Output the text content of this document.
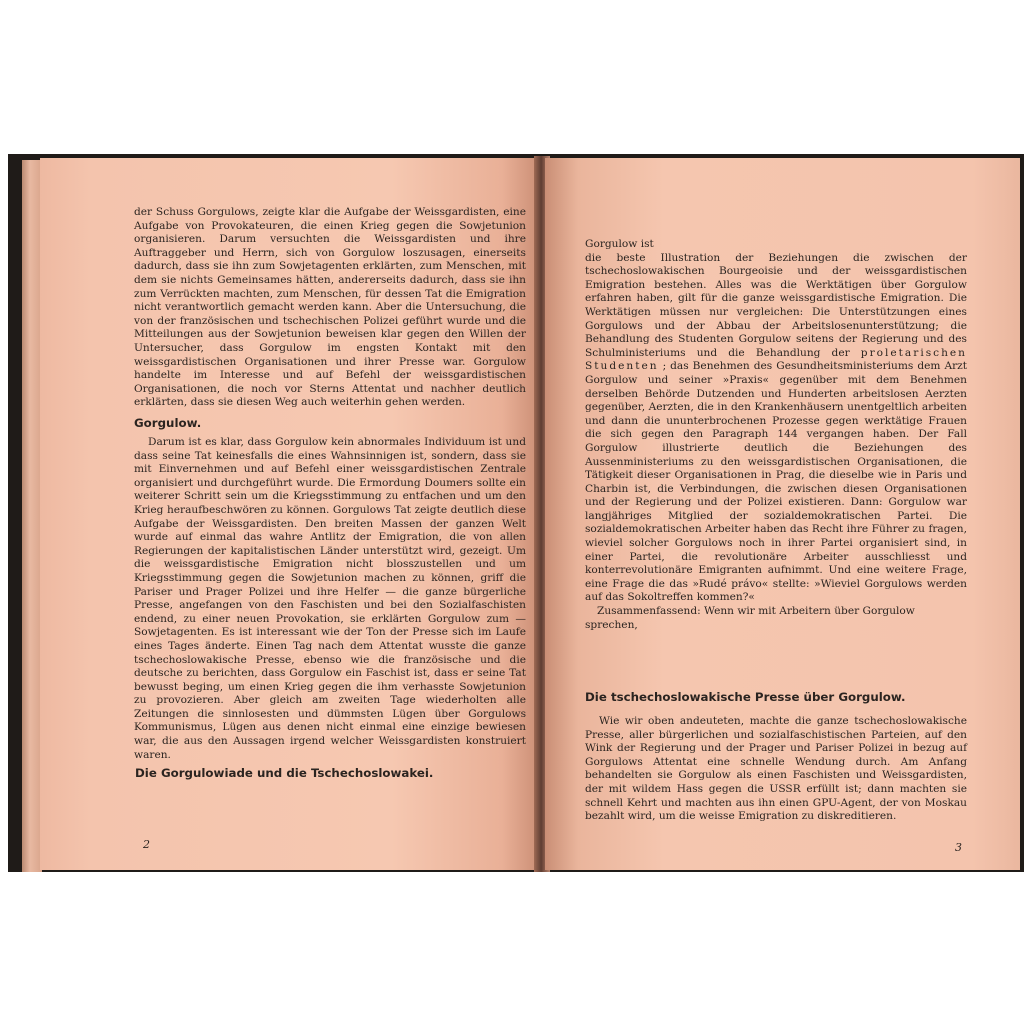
der Schuss Gorgulows, zeigte klar die Aufgabe der Weissgardisten, eine Aufgabe von Provokateuren, die einen Krieg gegen die Sowjetunion organisieren. Darum versuchten die Weissgardisten und ihre Auftraggeber und Herrn, sich von Gorgulow loszusagen, einerseits dadurch, dass sie ihn zum Sowjetagenten erklärten, zum Menschen, mit dem sie nichts Gemeinsames hätten, andererseits dadurch, dass sie ihn zum Verrückten machten, zum Menschen, für dessen Tat die Emigration nicht verantwortlich gemacht werden kann. Aber die Untersuchung, die von der französischen und tschechischen Polizei geführt wurde und die Mitteilungen aus der Sowjetunion beweisen klar gegen den Willen der Untersucher, dass Gorgulow im engsten Kontakt mit den weissgardistischen Organisationen und ihrer Presse war. Gorgulow handelte im Interesse und auf Befehl der weissgardistischen Organisationen, die noch vor Sterns Attentat und nachher deutlich erklärten, dass sie diesen Weg auch weiterhin gehen werden.

Gorgulow.

Darum ist es klar, dass Gorgulow kein abnormales Individuum ist und dass seine Tat keinesfalls die eines Wahnsinnigen ist, sondern, dass sie mit Einvernehmen und auf Befehl einer weissgardistischen Zentrale organisiert und durchgeführt wurde. Die Ermordung Doumers sollte ein weiterer Schritt sein um die Kriegsstimmung zu entfachen und um den Krieg heraufbeschwören zu können. Gorgulows Tat zeigte deutlich diese Aufgabe der Weissgardisten. Den breiten Massen der ganzen Welt wurde auf einmal das wahre Antlitz der Emigration, die von allen Regierungen der kapitalistischen Länder unterstützt wird, gezeigt. Um die weissgardistische Emigration nicht blosszustellen und um Kriegsstimmung gegen die Sowjetunion machen zu können, griff die Pariser und Prager Polizei und ihre Helfer — die ganze bürgerliche Presse, angefangen von den Faschisten und bei den Sozialfaschisten endend, zu einer neuen Provokation, sie erklärten Gorgulow zum — Sowjetagenten. Es ist interessant wie der Ton der Presse sich im Laufe eines Tages änderte. Einen Tag nach dem Attentat wusste die ganze tschechoslowakische Presse, ebenso wie die französische und die deutsche zu berichten, dass Gorgulow ein Faschist ist, dass er seine Tat bewusst beging, um einen Krieg gegen die ihm verhasste Sowjetunion zu provozieren. Aber gleich am zweiten Tage wiederholten alle Zeitungen die sinnlosesten und dümmsten Lügen über Gorgulows Kommunismus, Lügen aus denen nicht einmal eine einzige bewiesen war, die aus den Aussagen irgend welcher Weissgardisten konstruiert waren.

Die Gorgulowiade und die Tschechoslowakei.
2

Gorgulow ist
die beste Illustration der Beziehungen die zwischen der tschechoslowakischen Bourgeoisie und der weissgardistischen Emigration bestehen. Alles was die Werktätigen über Gorgulow erfahren haben, gilt für die ganze weissgardistische Emigration. Die Werktätigen müssen nur vergleichen: Die Unterstützungen eines Gorgulows und der Abbau der Arbeitslosenunterstützung; die Behandlung des Studenten Gorgulow seitens der Regierung und des Schulministeriums und die Behandlung der proletarischen Studenten ; das Benehmen des Gesundheitsministeriums dem Arzt Gorgulow und seiner »Praxis« gegenüber mit dem Benehmen derselben Behörde Dutzenden und Hunderten arbeitslosen Aerzten gegenüber, Aerzten, die in den Krankenhäusern unentgeltlich arbeiten und dann die ununterbrochenen Prozesse gegen werktätige Frauen die sich gegen den Paragraph 144 vergangen haben. Der Fall Gorgulow illustrierte deutlich die Beziehungen des Aussenministeriums zu den weissgardistischen Organisationen, die Tätigkeit dieser Organisationen in Prag, die dieselbe wie in Paris und Charbin ist, die Verbindungen, die zwischen diesen Organisationen und der Regierung und der Polizei existieren. Dann: Gorgulow war langjähriges Mitglied der sozialdemokratischen Partei. Die sozialdemokratischen Arbeiter haben das Recht ihre Führer zu fragen, wieviel solcher Gorgulows noch in ihrer Partei organisiert sind, in einer Partei, die revolutionäre Arbeiter ausschliesst und konterrevolutionäre Emigranten aufnimmt. Und eine weitere Frage, eine Frage die das »Rudé právo« stellte: »Wieviel Gorgulows werden auf das Sokoltreffen kommen?«
Zusammenfassend: Wenn wir mit Arbeitern über Gorgulow sprechen,

Die tschechoslowakische Presse über Gorgulow.

Wie wir oben andeuteten, machte die ganze tschechoslowakische Presse, aller bürgerlichen und sozialfaschistischen Parteien, auf den Wink der Regierung und der Prager und Pariser Polizei in bezug auf Gorgulows Attentat eine schnelle Wendung durch. Am Anfang behandelten sie Gorgulow als einen Faschisten und Weissgardisten, der mit wildem Hass gegen die USSR erfüllt ist; dann machten sie schnell Kehrt und machten aus ihn einen GPU-Agent, der von Moskau bezahlt wird, um die weisse Emigration zu diskreditieren.

3
